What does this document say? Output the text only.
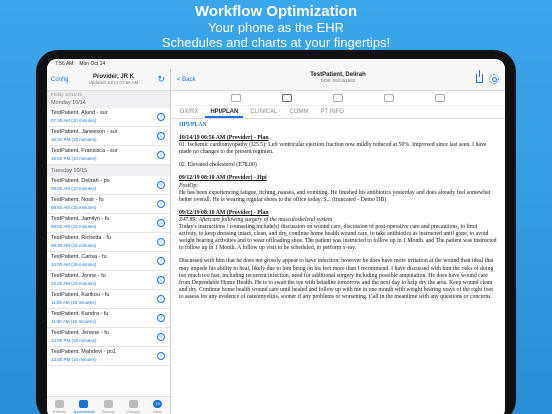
Workflow Optimization
Your phone as the EHR
Schedules and charts at your fingertips!
7:56 AM Mon Oct 14
Config	Provider, JR K
Updated 10/14 07:56 AM	↻
Friday 10/11/19
Monday 10/14
TestPatient, Aland - sur
07:30 AM (10 minutes)
i
TestPatient, Janeeson - sur
15:30 PM (10 minutes)
i
TestPatient, Fransisca - sur
15:50 PM (10 minutes)
i
Tuesday 10/15
TestPatient, Delirah - po
08:00 AM (10 minutes)
i
TestPatient, Nosir - fu
08:30 AM (15 minutes)
i
TestPatient, Jamilyn - fu
09:00 AM (15 minutes)
i
TestPatient, Richetta - fu
09:30 AM (15 minutes)
i
TestPatient, Carisa - fu
10:00 AM (15 minutes)
i
TestPatient, Jonne - fu
10:30 AM (15 minutes)
i
TestPatient, Karikou - fu
11:00 AM (15 minutes)
i
TestPatient, Kandra - fu
11:30 AM (15 minutes)
i
TestPatient, Jenene - fu
13:00 PM (15 minutes)
i
TestPatient, Mahdevi - po1
13:30 PM (10 minutes)
i
Patients	Appointments	Records	Changes
10
Inbox
< Back
TestPatient, Delirah
DOB: 05/04/1982
DX/RX	HPI/PLAN	CLINICAL	COMM	PT INFO
HPI/PLAN
10/14/19 06:56 AM (Provider) - Plan

01. Ischemic cardiomyopathy (I25.5): Left ventricular ejection fraction now mildly reduced at 50%. Improved since last seen. I have made no changes to the present regimen.

02. Elevated cholesterol (E78.00)

09/12/19 08:10 AM (Provider) - Hpi
PostOp:

He has been experiencing fatigue, itching, nausea, and vomiting. He finished his antibiotics yesterday and does already feel somewhat better overall. He is wearing regular shoes to the office today. S... (truncated - Demo DB)

09/12/19 08:10 AM (Provider) - Plan
Z47.89: Aftercare following surgery of the musculoskeletal system

Today's instructions / counseling include(s) discussion on wound care, discussion of post-operative care and precautions, to limit activity, to keep dressing intact, clean, and dry, continue home health wound care, to take antibiotics as instructed until gone, to avoid weight bearing activities and to wear offloading shoe. The patient was instructed to follow up in 1 Month. and The patient was instructed to follow up in 1 Month. A follow up visit to be scheduled, to perform x-ray.

Discussed with him that he does not grossly appear to have infection; however he does have more irritation at the wound than ideal that may impede his ability to heal, likely due to him being on his feet more than I recommend. I have discussed with him the risks of doing too much too fast, including recurrent infection, need for additional surgery including possible amputation. He does have wound care from Dependable Home Health. He is to swab the toe with betadine tomorrow and the next day to help dry the area. Keep wound clean and dry. Continue home health wound care until healed and follow up with me in one month with weight bearing xrays of the right foot to assess for any evidence of osteomyelitis, sooner if any problems or worsening. Call in the meantime with any questions or concerns.
